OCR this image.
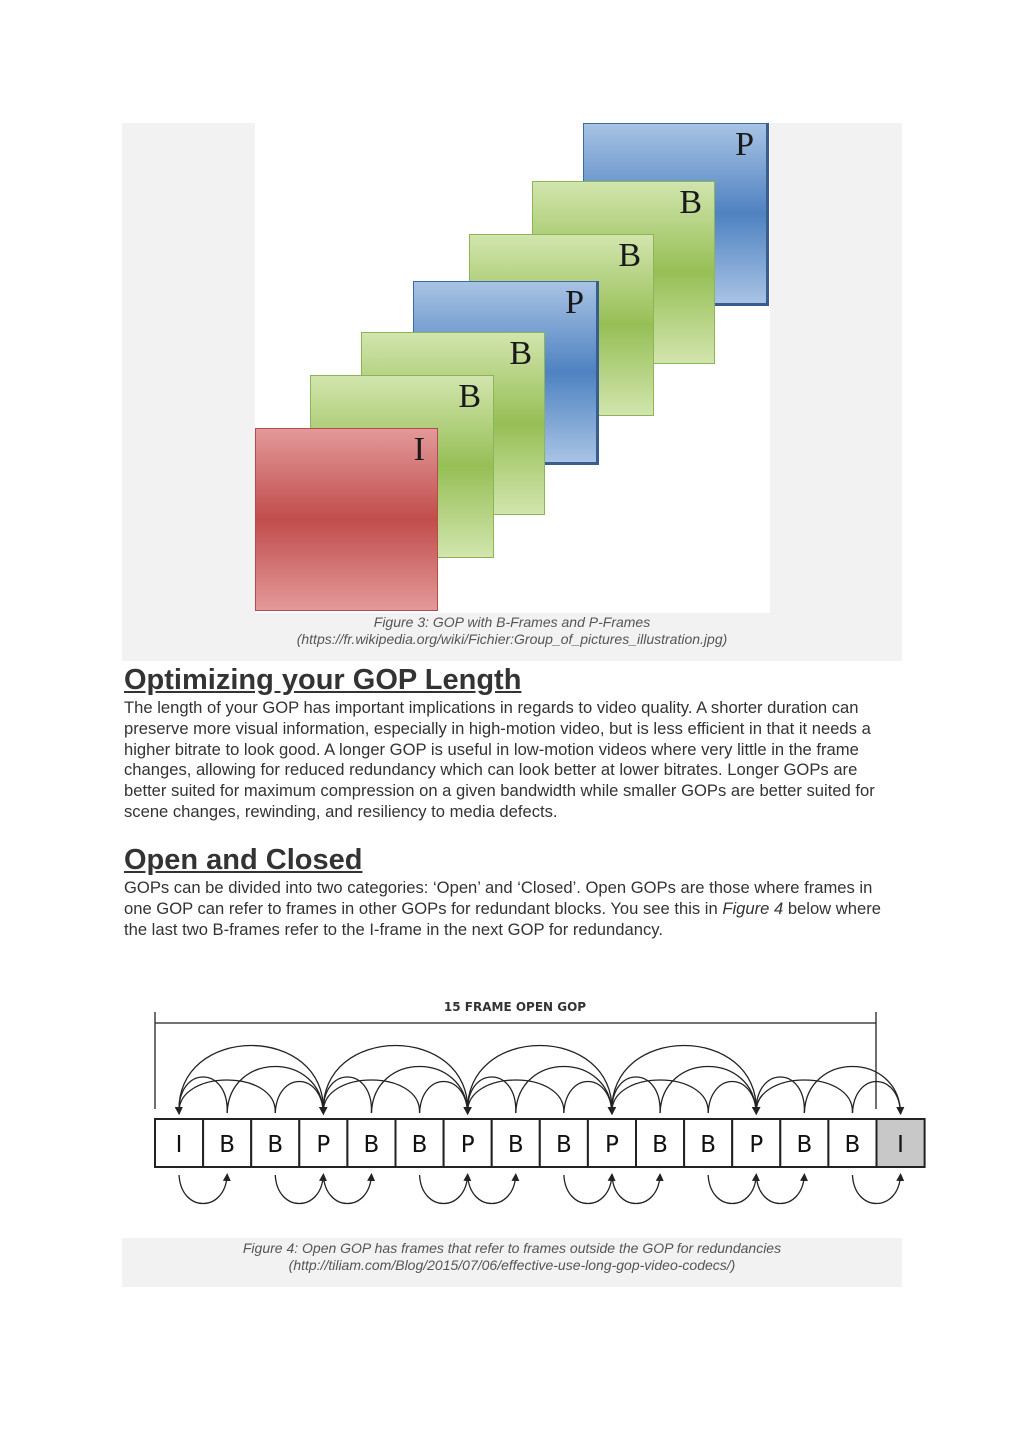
P
B
B
P
B
B
I
Figure 3: GOP with B-Frames and P-Frames
(https://fr.wikipedia.org/wiki/Fichier:Group_of_pictures_illustration.jpg)
Optimizing your GOP Length

The length of your GOP has important implications in regards to video quality. A shorter duration can preserve more visual information, especially in high-motion video, but is less efficient in that it needs a higher bitrate to look good. A longer GOP is useful in low-motion videos where very little in the frame changes, allowing for reduced redundancy which can look better at lower bitrates. Longer GOPs are better suited for maximum compression on a given bandwidth while smaller GOPs are better suited for scene changes, rewinding, and resiliency to media defects.

Open and Closed

GOPs can be divided into two categories: ‘Open’ and ‘Closed’. Open GOPs are those where frames in one GOP can refer to frames in other GOPs for redundant blocks. You see this in Figure 4 below where the last two B-frames refer to the I-frame in the next GOP for redundancy.

15 FRAME OPEN GOP
I B B P B B P B B P B B P B B I
Figure 4: Open GOP has frames that refer to frames outside the GOP for redundancies
(http://tiliam.com/Blog/2015/07/06/effective-use-long-gop-video-codecs/)
